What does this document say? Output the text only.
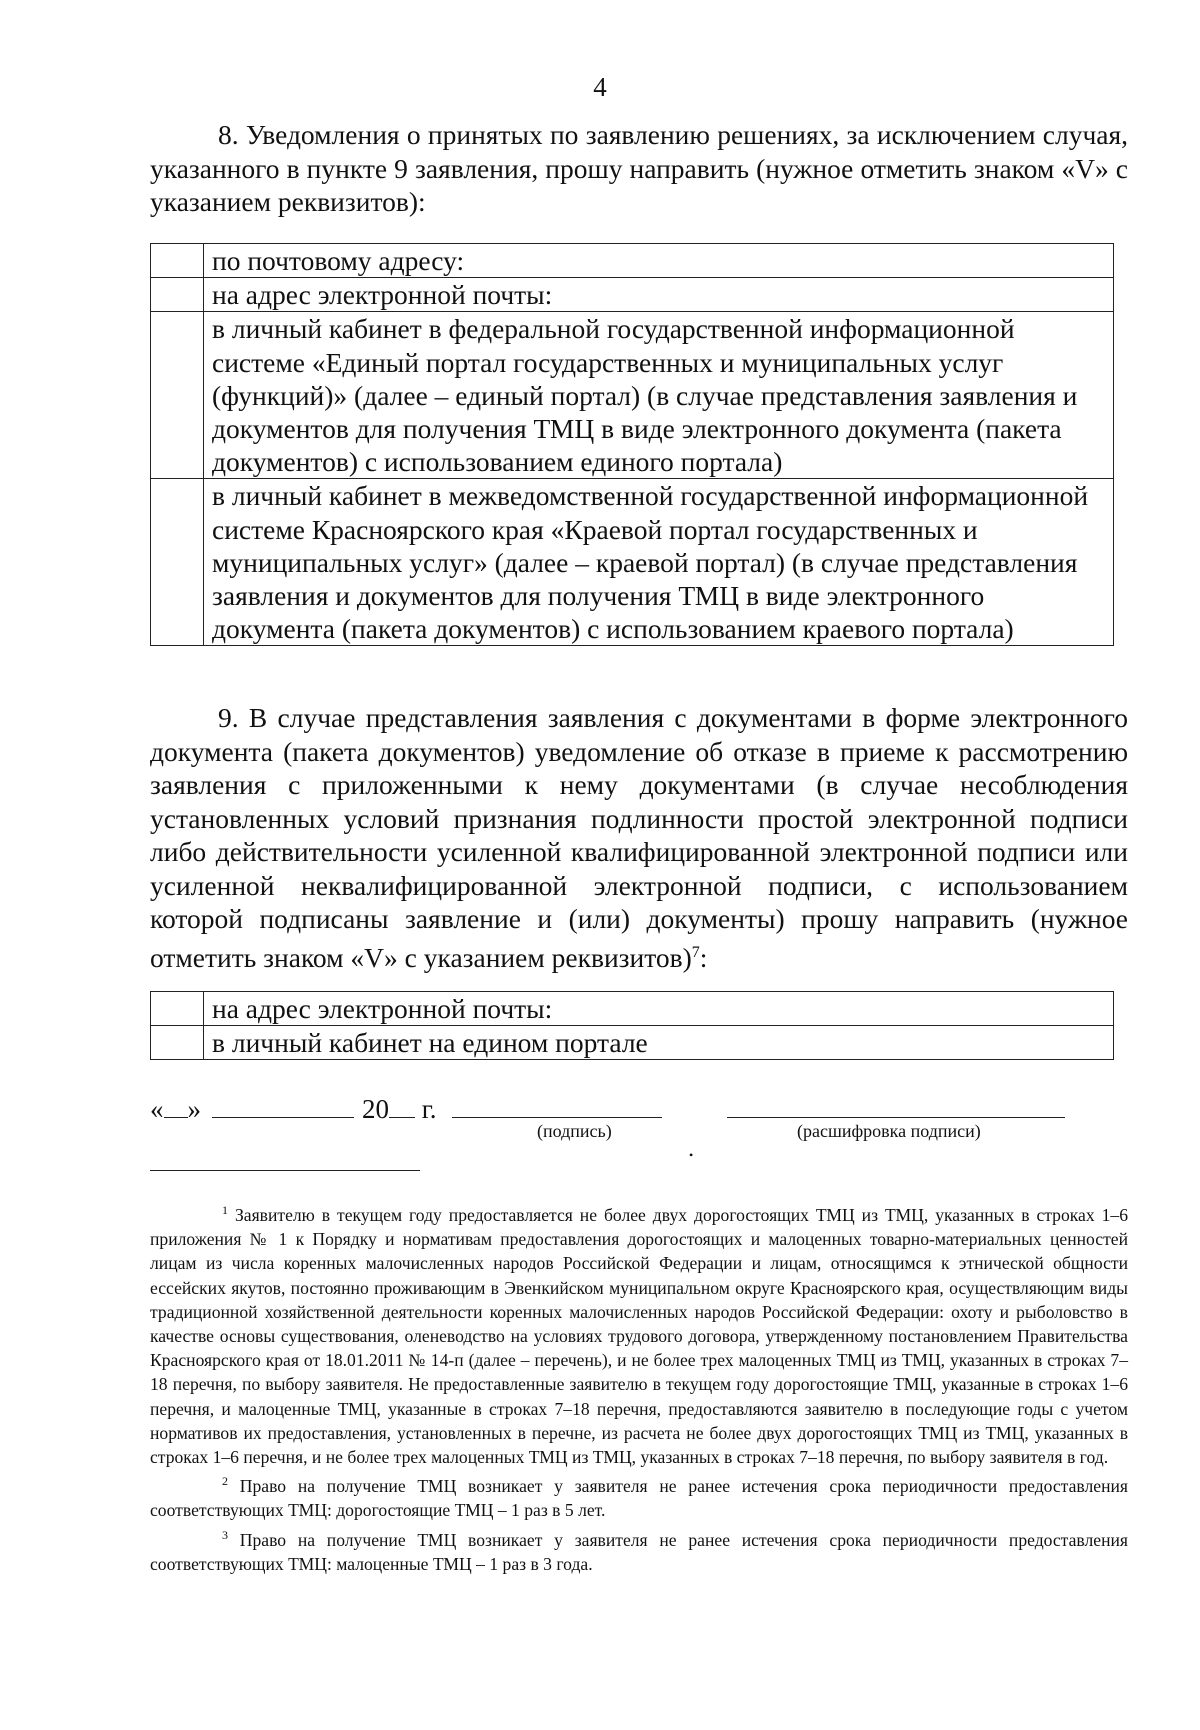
4

8. Уведомления о принятых по заявлению решениях, за исключением случая, указанного в пункте 9 заявления, прошу направить (нужное отметить знаком «V» с указанием реквизитов):

	по почтовому адресу:
	на адрес электронной почты:
	в личный кабинет в федеральной государственной информационной системе «Единый портал государственных и муниципальных услуг (функций)» (далее – единый портал) (в случае представления заявления и документов для получения ТМЦ в виде электронного документа (пакета документов) с использованием единого портала)
	в личный кабинет в межведомственной государственной информационной системе Красноярского края «Краевой портал государственных и муниципальных услуг» (далее – краевой портал) (в случае представления заявления и документов для получения ТМЦ в виде электронного документа (пакета документов) с использованием краевого портала)

9. В случае представления заявления с документами в форме электронного документа (пакета документов) уведомление об отказе в приеме к рассмотрению заявления с приложенными к нему документами (в случае несоблюдения установленных условий признания подлинности простой электронной подписи либо действительности усиленной квалифицированной электронной подписи или усиленной неквалифицированной электронной подписи, с использованием которой подписаны заявление и (или) документы) прошу направить (нужное отметить знаком «V» с указанием реквизитов)$^7$:

	на адрес электронной почты:
	в личный кабинет на едином портале
« »	20 г.
(подпись)	(расшифровка подписи)
•

$^1$ Заявителю в текущем году предоставляется не более двух дорогостоящих ТМЦ из ТМЦ, указанных в строках 1–6 приложения № 1 к Порядку и нормативам предоставления дорогостоящих и малоценных товарно-материальных ценностей лицам из числа коренных малочисленных народов Российской Федерации и лицам, относящимся к этнической общности ессейских якутов, постоянно проживающим в Эвенкийском муниципальном округе Красноярского края, осуществляющим виды традиционной хозяйственной деятельности коренных малочисленных народов Российской Федерации: охоту и рыболовство в качестве основы существования, оленеводство на условиях трудового договора, утвержденному постановлением Правительства Красноярского края от 18.01.2011 № 14-п (далее – перечень), и не более трех малоценных ТМЦ из ТМЦ, указанных в строках 7–18 перечня, по выбору заявителя. Не предоставленные заявителю в текущем году дорогостоящие ТМЦ, указанные в строках 1–6 перечня, и малоценные ТМЦ, указанные в строках 7–18 перечня, предоставляются заявителю в последующие годы с учетом нормативов их предоставления, установленных в перечне, из расчета не более двух дорогостоящих ТМЦ из ТМЦ, указанных в строках 1–6 перечня, и не более трех малоценных ТМЦ из ТМЦ, указанных в строках 7–18 перечня, по выбору заявителя в год.

$^2$ Право на получение ТМЦ возникает у заявителя не ранее истечения срока периодичности предоставления соответствующих ТМЦ: дорогостоящие ТМЦ – 1 раз в 5 лет.

$^3$ Право на получение ТМЦ возникает у заявителя не ранее истечения срока периодичности предоставления соответствующих ТМЦ: малоценные ТМЦ – 1 раз в 3 года.
